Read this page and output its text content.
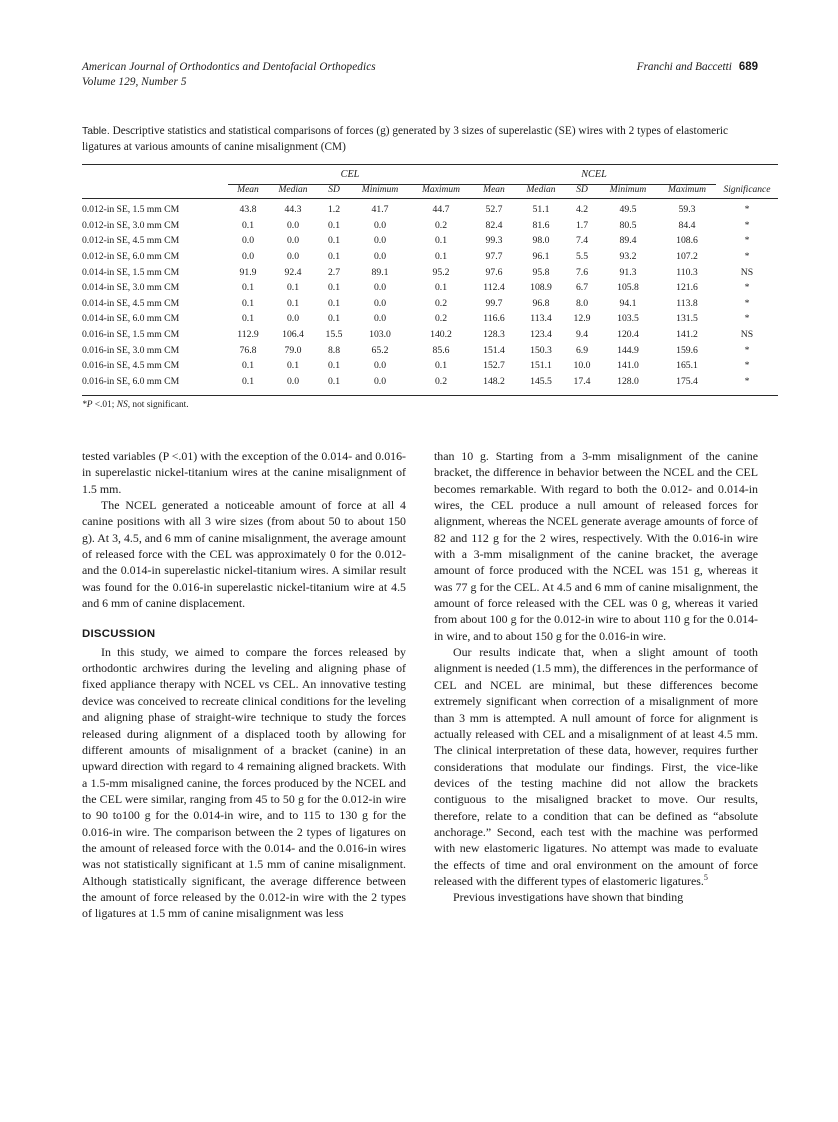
American Journal of Orthodontics and Dentofacial Orthopedics
Volume 129, Number 5
Franchi and Baccetti 689
Table. Descriptive statistics and statistical comparisons of forces (g) generated by 3 sizes of superelastic (SE) wires with 2 types of elastomeric ligatures at various amounts of canine misalignment (CM)

	CEL					NCEL					

	Mean	Median	SD	Minimum	Maximum	Mean	Median	SD	Minimum	Maximum	Significance

0.012-in SE, 1.5 mm CM	43.8	44.3	1.2	41.7	44.7	52.7	51.1	4.2	49.5	59.3	*
0.012-in SE, 3.0 mm CM	0.1	0.0	0.1	0.0	0.2	82.4	81.6	1.7	80.5	84.4	*
0.012-in SE, 4.5 mm CM	0.0	0.0	0.1	0.0	0.1	99.3	98.0	7.4	89.4	108.6	*
0.012-in SE, 6.0 mm CM	0.0	0.0	0.1	0.0	0.1	97.7	96.1	5.5	93.2	107.2	*
0.014-in SE, 1.5 mm CM	91.9	92.4	2.7	89.1	95.2	97.6	95.8	7.6	91.3	110.3	NS
0.014-in SE, 3.0 mm CM	0.1	0.1	0.1	0.0	0.1	112.4	108.9	6.7	105.8	121.6	*
0.014-in SE, 4.5 mm CM	0.1	0.1	0.1	0.0	0.2	99.7	96.8	8.0	94.1	113.8	*
0.014-in SE, 6.0 mm CM	0.1	0.0	0.1	0.0	0.2	116.6	113.4	12.9	103.5	131.5	*
0.016-in SE, 1.5 mm CM	112.9	106.4	15.5	103.0	140.2	128.3	123.4	9.4	120.4	141.2	NS
0.016-in SE, 3.0 mm CM	76.8	79.0	8.8	65.2	85.6	151.4	150.3	6.9	144.9	159.6	*
0.016-in SE, 4.5 mm CM	0.1	0.1	0.1	0.0	0.1	152.7	151.1	10.0	141.0	165.1	*
0.016-in SE, 6.0 mm CM	0.1	0.0	0.1	0.0	0.2	148.2	145.5	17.4	128.0	175.4	*

*P <.01; NS, not significant.

tested variables (P <.01) with the exception of the 0.014- and 0.016-in superelastic nickel-titanium wires at the canine misalignment of 1.5 mm.

The NCEL generated a noticeable amount of force at all 4 canine positions with all 3 wire sizes (from about 50 to about 150 g). At 3, 4.5, and 6 mm of canine misalignment, the average amount of released force with the CEL was approximately 0 for the 0.012- and the 0.014-in superelastic nickel-titanium wires. A similar result was found for the 0.016-in superelastic nickel-titanium wire at 4.5 and 6 mm of canine displacement.

DISCUSSION

In this study, we aimed to compare the forces released by orthodontic archwires during the leveling and aligning phase of fixed appliance therapy with NCEL vs CEL. An innovative testing device was conceived to recreate clinical conditions for the leveling and aligning phase of straight-wire technique to study the forces released during alignment of a displaced tooth by allowing for different amounts of misalignment of a bracket (canine) in an upward direction with regard to 4 remaining aligned brackets. With a 1.5-mm misaligned canine, the forces produced by the NCEL and the CEL were similar, ranging from 45 to 50 g for the 0.012-in wire to 90 to100 g for the 0.014-in wire, and to 115 to 130 g for the 0.016-in wire. The comparison between the 2 types of ligatures on the amount of released force with the 0.014- and the 0.016-in wires was not statistically significant at 1.5 mm of canine misalignment. Although statistically significant, the average difference between the amount of force released by the 0.012-in wire with the 2 types of ligatures at 1.5 mm of canine misalignment was less

than 10 g. Starting from a 3-mm misalignment of the canine bracket, the difference in behavior between the NCEL and the CEL becomes remarkable. With regard to both the 0.012- and 0.014-in wires, the CEL produce a null amount of released forces for alignment, whereas the NCEL generate average amounts of force of 82 and 112 g for the 2 wires, respectively. With the 0.016-in wire with a 3-mm misalignment of the canine bracket, the average amount of force produced with the NCEL was 151 g, whereas it was 77 g for the CEL. At 4.5 and 6 mm of canine misalignment, the amount of force released with the CEL was 0 g, whereas it varied from about 100 g for the 0.012-in wire to about 110 g for the 0.014-in wire, and to about 150 g for the 0.016-in wire.

Our results indicate that, when a slight amount of tooth alignment is needed (1.5 mm), the differences in the performance of CEL and NCEL are minimal, but these differences become extremely significant when correction of a misalignment of more than 3 mm is attempted. A null amount of force for alignment is actually released with CEL and a misalignment of at least 4.5 mm. The clinical interpretation of these data, however, requires further considerations that modulate our findings. First, the vice-like devices of the testing machine did not allow the brackets contiguous to the misaligned bracket to move. Our results, therefore, relate to a condition that can be defined as “absolute anchorage.” Second, each test with the machine was performed with new elastomeric ligatures. No attempt was made to evaluate the effects of time and oral environment on the amount of force released with the different types of elastomeric ligatures.$^5$

Previous investigations have shown that binding
